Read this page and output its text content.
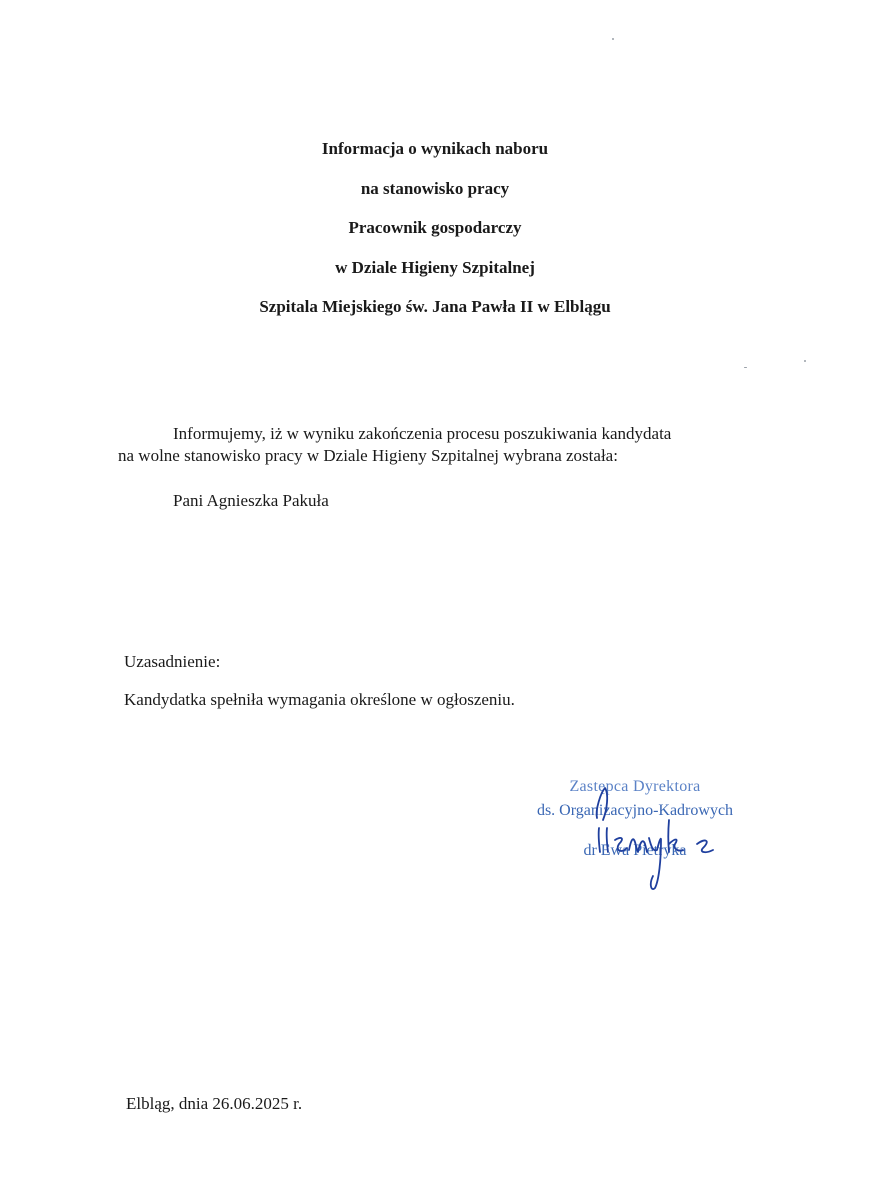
Informacja o wynikach naboru
na stanowisko pracy
Pracownik gospodarczy
w Dziale Higieny Szpitalnej
Szpitala Miejskiego św. Jana Pawła II w Elblągu
Informujemy, iż w wyniku zakończenia procesu poszukiwania kandydata
na wolne stanowisko pracy w Dziale Higieny Szpitalnej wybrana została:
Pani Agnieszka Pakuła
Uzasadnienie:
Kandydatka spełniła wymagania określone w ogłoszeniu.
Zastępca Dyrektora
ds. Organizacyjno-Kadrowych
dr Ewa Pietryka
Elbląg, dnia 26.06.2025 r.
